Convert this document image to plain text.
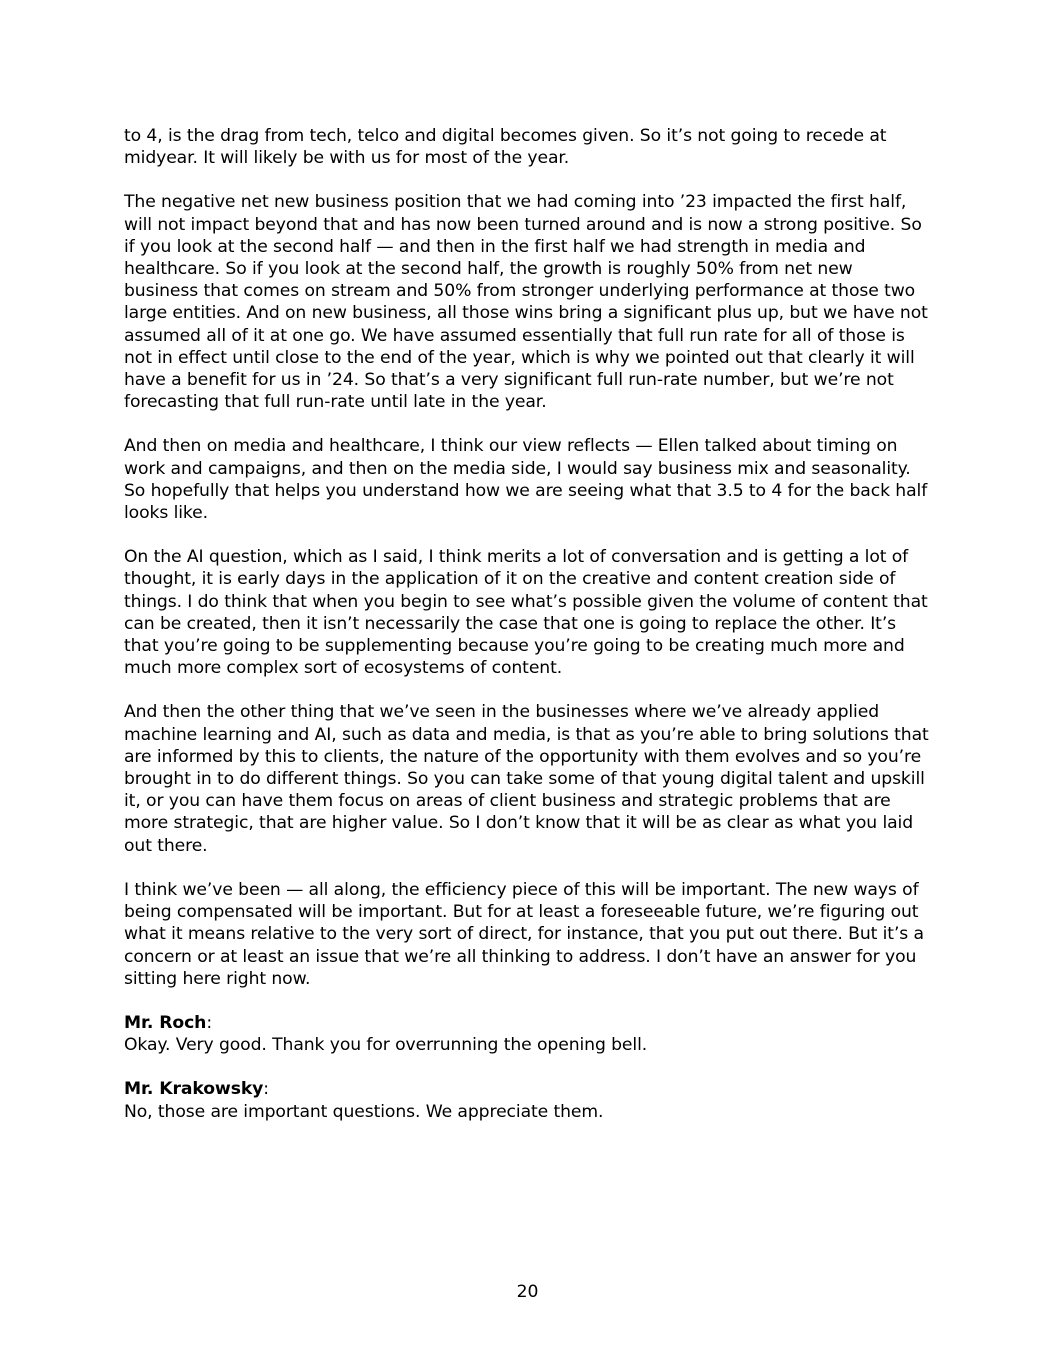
to 4, is the drag from tech, telco and digital becomes given. So it’s not going to recede at midyear. It will likely be with us for most of the year.

The negative net new business position that we had coming into ’23 impacted the first half, will not impact beyond that and has now been turned around and is now a strong positive. So if you look at the second half — and then in the first half we had strength in media and healthcare. So if you look at the second half, the growth is roughly 50% from net new business that comes on stream and 50% from stronger underlying performance at those two large entities. And on new business, all those wins bring a significant plus up, but we have not assumed all of it at one go. We have assumed essentially that full run rate for all of those is not in effect until close to the end of the year, which is why we pointed out that clearly it will have a benefit for us in ’24. So that’s a very significant full run-rate number, but we’re not forecasting that full run-rate until late in the year.

And then on media and healthcare, I think our view reflects — Ellen talked about timing on work and campaigns, and then on the media side, I would say business mix and seasonality. So hopefully that helps you understand how we are seeing what that 3.5 to 4 for the back half looks like.

On the AI question, which as I said, I think merits a lot of conversation and is getting a lot of thought, it is early days in the application of it on the creative and content creation side of things. I do think that when you begin to see what’s possible given the volume of content that can be created, then it isn’t necessarily the case that one is going to replace the other. It’s that you’re going to be supplementing because you’re going to be creating much more and much more complex sort of ecosystems of content.

And then the other thing that we’ve seen in the businesses where we’ve already applied machine learning and AI, such as data and media, is that as you’re able to bring solutions that are informed by this to clients, the nature of the opportunity with them evolves and so you’re brought in to do different things. So you can take some of that young digital talent and upskill it, or you can have them focus on areas of client business and strategic problems that are more strategic, that are higher value. So I don’t know that it will be as clear as what you laid out there.

I think we’ve been — all along, the efficiency piece of this will be important. The new ways of being compensated will be important. But for at least a foreseeable future, we’re figuring out what it means relative to the very sort of direct, for instance, that you put out there. But it’s a concern or at least an issue that we’re all thinking to address. I don’t have an answer for you sitting here right now.

Mr. Roch:
Okay. Very good. Thank you for overrunning the opening bell.
Mr. Krakowsky:
No, those are important questions. We appreciate them.
20
